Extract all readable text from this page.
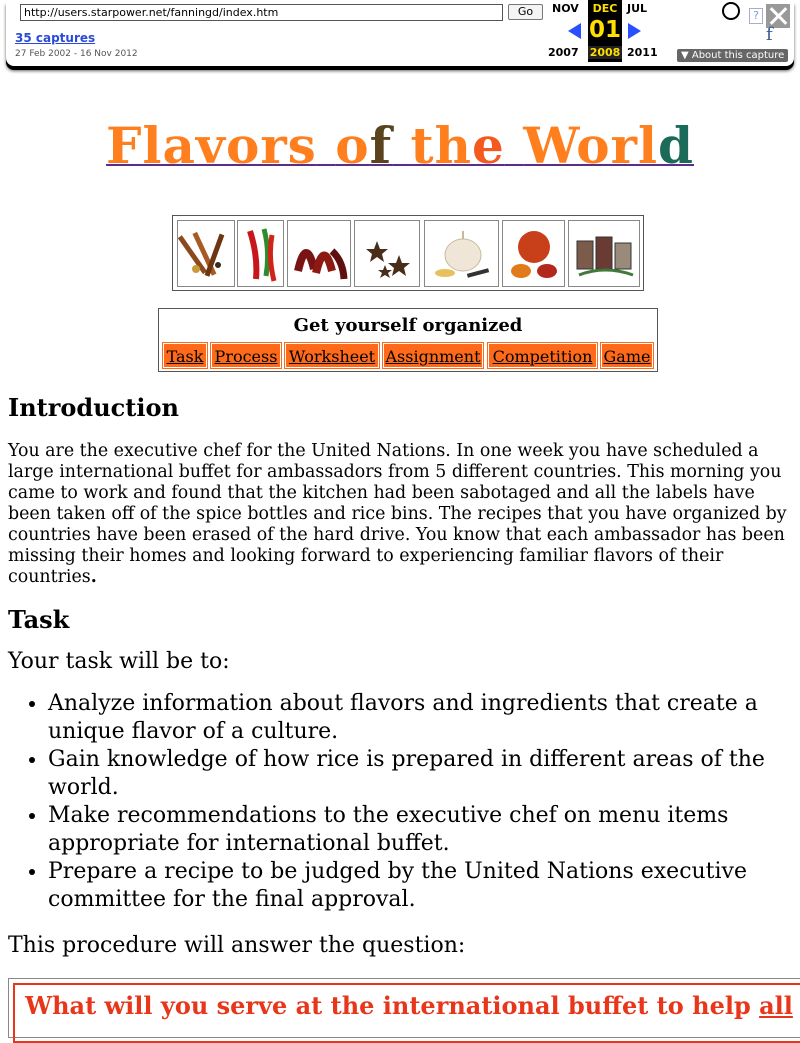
http://users.starpower.net/fanningd/index.htm	Go
35 captures
27 Feb 2002 - 16 Nov 2012
NOV	JUL
2007	2011
DEC
01
2008
?
f
▼ About this capture
Flavors of the World
Get yourself organized
Task Process Worksheet Assignment Competition Game
Introduction

You are the executive chef for the United Nations. In one week you have scheduled a large international buffet for ambassadors from 5 different countries. This morning you came to work and found that the kitchen had been sabotaged and all the labels have been taken off of the spice bottles and rice bins. The recipes that you have organized by countries have been erased of the hard drive. You know that each ambassador has been missing their homes and looking forward to experiencing familiar flavors of their countries.

Task

Your task will be to:

• Analyze information about flavors and ingredients that create a unique flavor of a culture.
• Gain knowledge of how rice is prepared in different areas of the world.
• Make recommendations to the executive chef on menu items appropriate for international buffet.
• Prepare a recipe to be judged by the United Nations executive committee for the final approval.

This procedure will answer the question:

What will you serve at the international buffet to help all
